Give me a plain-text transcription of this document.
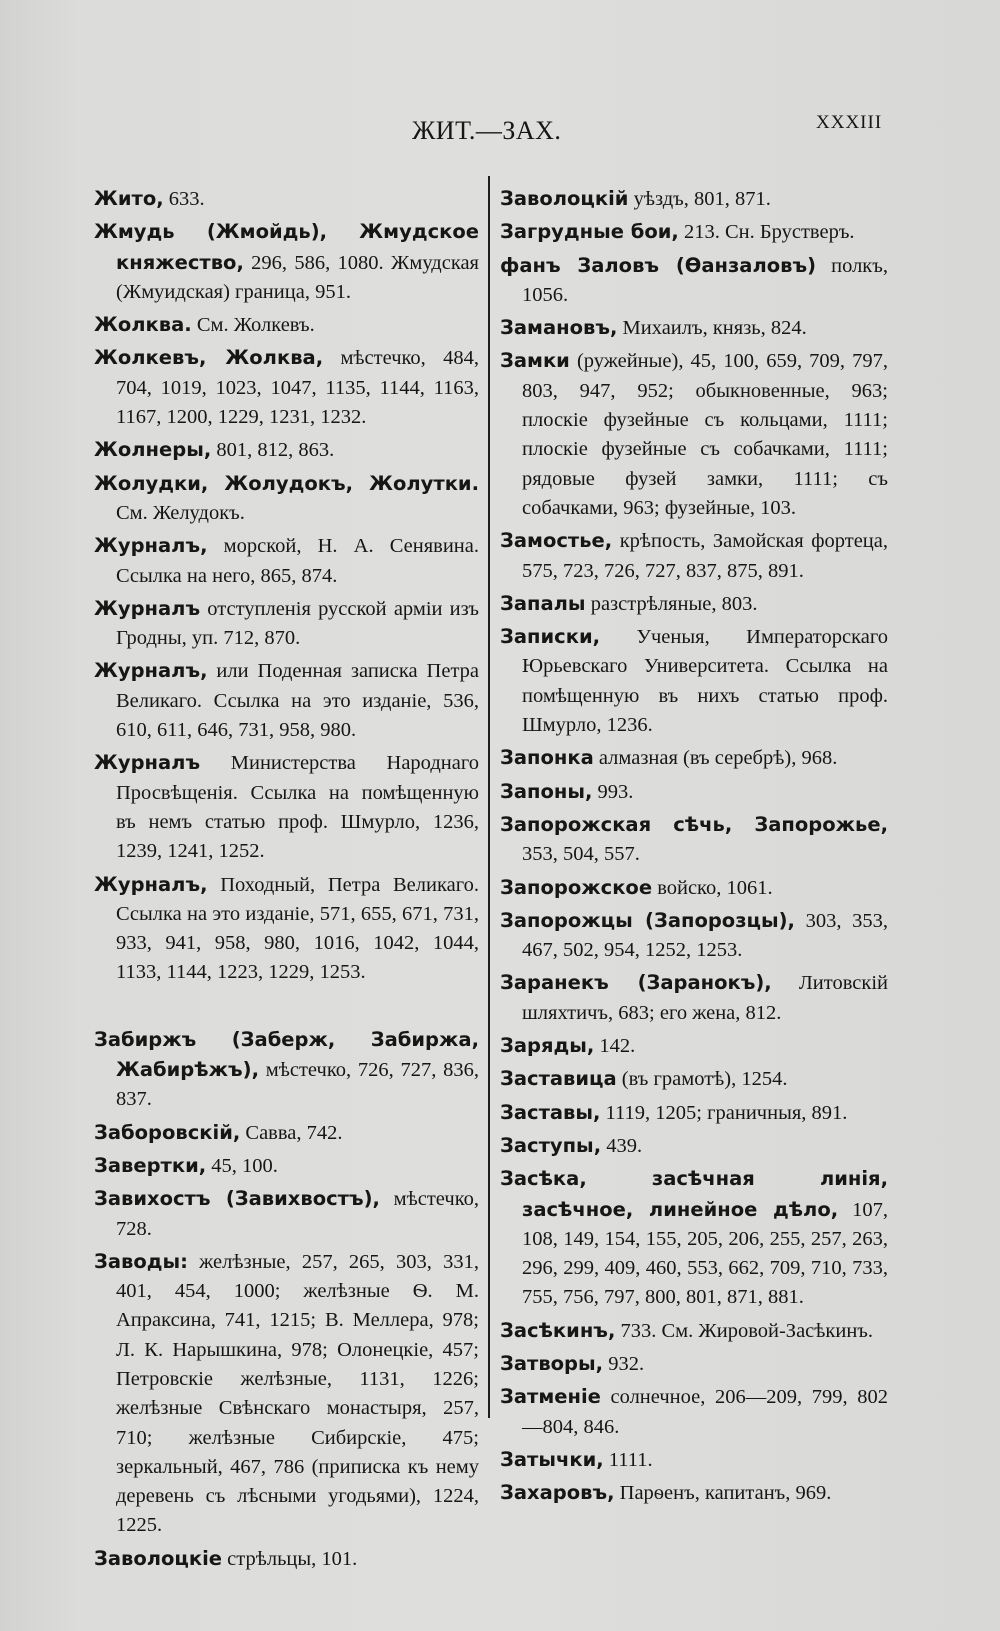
ЖИТ.—ЗАХ.	XXXIII
Жито, 633.
Жмудь (Жмойдь), Жмудское княжество, 296, 586, 1080. Жмудская (Жмуидская) граница, 951.
Жолква. См. Жолкевъ.
Жолкевъ, Жолква, мѣстечко, 484, 704, 1019, 1023, 1047, 1135, 1144, 1163, 1167, 1200, 1229, 1231, 1232.
Жолнеры, 801, 812, 863.
Жолудки, Жолудокъ, Жолутки. См. Желудокъ.
Журналъ, морской, Н. А. Сенявина. Ссылка на него, 865, 874.
Журналъ отступленія русской арміи изъ Гродны, уп. 712, 870.
Журналъ, или Поденная записка Петра Великаго. Ссылка на это изданіе, 536, 610, 611, 646, 731, 958, 980.
Журналъ Министерства Народнаго Просвѣщенія. Ссылка на помѣщенную въ немъ статью проф. Шмурло, 1236, 1239, 1241, 1252.
Журналъ, Походный, Петра Великаго. Ссылка на это изданіе, 571, 655, 671, 731, 933, 941, 958, 980, 1016, 1042, 1044, 1133, 1144, 1223, 1229, 1253.
Забиржъ (Заберж, Забиржа, Жабирѣжъ), мѣстечко, 726, 727, 836, 837.
Заборовскій, Савва, 742.
Завертки, 45, 100.
Завихостъ (Завихвостъ), мѣстечко, 728.
Заводы: желѣзные, 257, 265, 303, 331, 401, 454, 1000; желѣзные Ѳ. М. Апраксина, 741, 1215; В. Меллера, 978; Л. К. Нарышкина, 978; Олонецкіе, 457; Петровскіе желѣзные, 1131, 1226; желѣзные Свѣнскаго монастыря, 257, 710; желѣзные Сибирскіе, 475; зеркальный, 467, 786 (приписка къ нему деревень съ лѣсными угодьями), 1224, 1225.
Заволоцкіе стрѣльцы, 101.
Заволоцкій уѣздъ, 801, 871.
Загрудные бои, 213. Сн. Брустверъ.
фанъ Заловъ (Ѳанзаловъ) полкъ, 1056.
Замановъ, Михаилъ, князь, 824.
Замки (ружейные), 45, 100, 659, 709, 797, 803, 947, 952; обыкновенные, 963; плоскіе фузейные съ кольцами, 1111; плоскіе фузейные съ собачками, 1111; рядовые фузей замки, 1111; съ собачками, 963; фузейные, 103.
Замостье, крѣпость, Замойская фортеца, 575, 723, 726, 727, 837, 875, 891.
Запалы разстрѣляные, 803.
Записки, Ученыя, Императорскаго Юрьевскаго Университета. Ссылка на помѣщенную въ нихъ статью проф. Шмурло, 1236.
Запонка алмазная (въ серебрѣ), 968.
Запоны, 993.
Запорожская сѣчь, Запорожье, 353, 504, 557.
Запорожское войско, 1061.
Запорожцы (Запорозцы), 303, 353, 467, 502, 954, 1252, 1253.
Заранекъ (Заранокъ), Литовскій шляхтичъ, 683; его жена, 812.
Заряды, 142.
Заставица (въ грамотѣ), 1254.
Заставы, 1119, 1205; граничныя, 891.
Заступы, 439.
Засѣка, засѣчная линія, засѣчное, линейное дѣло, 107, 108, 149, 154, 155, 205, 206, 255, 257, 263, 296, 299, 409, 460, 553, 662, 709, 710, 733, 755, 756, 797, 800, 801, 871, 881.
Засѣкинъ, 733. См. Жировой-Засѣкинъ.
Затворы, 932.
Затменіе солнечное, 206—209, 799, 802—804, 846.
Затычки, 1111.
Захаровъ, Парѳенъ, капитанъ, 969.
